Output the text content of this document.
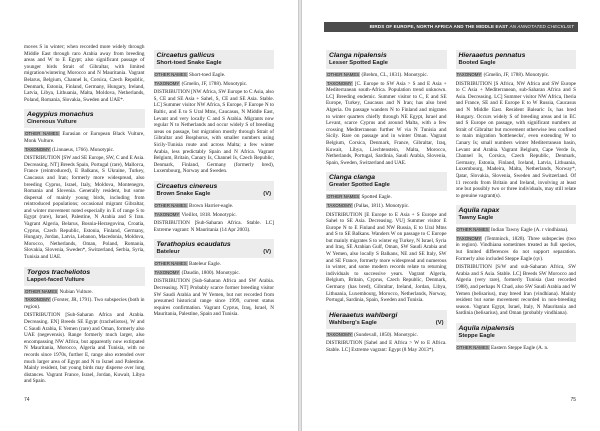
moves S in winter; when recorded more widely through Middle East through raro Arabia away from breeding areas and W to E Egypt; also significant passage of younger birds Strait of Gibraltar, with limited migration/wintering Morocco and N Mauritania. Vagrant Belarus, Belgium, Channel Is, Corsica, Czech Republic, Denmark, Estonia, Finland, Germany, Hungary, Ireland, Latvia, Libya, Lithuania, Malta, Moldova, Netherlands, Poland, Romania, Slovakia, Sweden and UAE*.

Aegypius monachus
Cinereous Vulture

OTHER NAMES Eurasian or European Black Vulture, Monk Vulture.

TAXONOMY (Linnaeus, 1766). Monotypic.

DISTRIBUTION [SW and SE Europe, SW, C and E Asia. Decreasing. NT] Breeds Spain, Portugal (rare), Mallorca, France (reintroduced), E Balkans, S Ukraine, Turkey, Caucasus and Iran; formerly more widespread, also breeding Cyprus, Israel, Italy, Moldova, Montenegro, Romania and Slovenia. Generally resident, but some dispersal of mainly young birds, including from reintroduced populations; occasional migrant Gibraltar, and winter movement noted especially in E of range S to Egypt (rare), Israel, Palestine, N Arabia and S Iran. Vagrant Algeria, Belarus, Bosnia-Herzegovina, Croatia, Cyprus, Czech Republic, Estonia, Finland, Germany, Hungary, Jordan, Latvia, Lebanon, Macedonia, Moldova, Morocco, Netherlands, Oman, Poland, Romania, Slovakia, Slovenia, Sweden*, Switzerland, Serbia, Syria, Tunisia and UAE.

Torgos tracheliotos
Lappet-faced Vulture

OTHER NAMES Nubian Vulture.

TAXONOMY (Forster, JR, 1791). Two subspecies (both in region).

DISTRIBUTION [Sub-Saharan Africa and Arabia. Decreasing. EN] Breeds SE Egypt (tracheliotos), W and C Saudi Arabia, E Yemen (rare) and Oman, formerly also UAE (negevensis). Range formerly much larger, also encompassing NW Africa, but apparently now extirpated N Mauritania, Morocco, Algeria and Tunisia, with no records since 1970s, further E, range also extended over much larger area of Egypt and N to Israel and Palestine. Mainly resident, but young birds may disperse over long distances. Vagrant France, Israel, Jordan, Kuwait, Libya and Spain.

Circaetus gallicus
Short-toed Snake Eagle

OTHER NAMES Short-toed Eagle.

TAXONOMY (Gmelin, JF, 1788). Monotypic.

DISTRIBUTION [NW Africa, SW Europe to C Asia, also S, CE and SE Asia + Sahel, S, CE and SE Asia. Stable. LC] Summer visitor NW Africa, S Europe, F Europe N to Baltic, and E to S Ural Mtns, Caucasus, N Middle East, Levant and very locally C and S Arabia. Migrants now regular N to Netherlands and occur widely S of breeding areas on passage, but migration mostly through Strait of Gibraltar and Bosphorus, with smaller numbers using Sicily-Tunisia route and across Malta; a few winter Arabia, less predictably Spain and N Africa. Vagrant Belgium, Britain, Canary Is, Channel Is, Czech Republic, Denmark, Finland, Germany (formerly bred), Luxembourg, Norway and Sweden.

Circaetus cinereus
Brown Snake Eagle	(V)

OTHER NAMES Brown Harrier-eagle.

TAXONOMY Vieillot, 1818. Monotypic.

DISTRIBUTION [Sub-Saharan Africa. Stable. LC] Extreme vagrant: N Mauritania (14 Apr 2003).

Terathopius ecaudatus
Bateleur	(V)

OTHER NAMES Bateleur Eagle.

TAXONOMY (Daudin, 1800). Monotypic.

DISTRIBUTION [Sub-Saharan Africa and SW Arabia. Decreasing. NT] Probably scarce former breeding visitor SW Saudi Arabia and W Yemen, but not recorded from presumed historical range since 1999, current status requires confirmation. Vagrant Cyprus, Iraq, Israel, N Mauritania, Palestine, Spain and Tunisia.

74
BIRDS OF EUROPE, NORTH AFRICA AND THE MIDDLE EAST AN ANNOTATED CHECKLIST
Clanga nipalensis
Lesser Spotted Eagle

OTHER NAMES (Brehm, CL, 1831). Monotypic.

TAXONOMY [C. Europe to SW Asia > S and E Asia + Mediterranean south-Africa. Population trend unknown. LC] Breeding endemic. Summer visitor to C, E and SE Europe, Turkey, Caucasus and N Iran; has also bred Algeria. On passage wanders N to Finland and migrates to winter quarters chiefly through NE Egypt, Israel and Levant, scarce Cyprus and around Malta, with a few crossing Mediterranean further W via N Tunisia and Sicily. Rare on passage and in winter Oman. Vagrant Belgium, Corsica, Denmark, France, Gibraltar, Iraq, Kuwait, Libya, Liechtenstein, Malta, Morocco, Netherlands, Portugal, Sardinia, Saudi Arabia, Slovenia, Spain, Sweden, Switzerland and UAE.

Clanga clanga
Greater Spotted Eagle

OTHER NAMES Spotted Eagle.

TAXONOMY (Pallas, 1811). Monotypic.

DISTRIBUTION [E Europe to E Asia + S Europe and Sahel to SE Asia. Decreasing. VU] Summer visitor E Europe N to E Finland and NW Russia, E to Ural Mtns and S to SE Balkans. Wanders W on passage to C Europe but mainly migrates S to winter eg Turkey, N Israel, Syria and Iraq, SE Arabian Gulf, Oman, SW Saudi Arabia and W Yemen, also locally S Balkans, NE and SE Italy, SW and SE France, formerly more widespread and numerous in winter, and some modern records relate to returning individuals to successive years. Vagrant Algeria, Belgium, Britain, Cyprus, Czech Republic, Denmark, Germany (has bred), Gibraltar, Ireland, Jordan, Libya, Lithuania, Luxembourg, Morocco, Netherlands, Norway, Portugal, Sardinia, Spain, Sweden and Tunisia.

Hieraaetus wahlbergi
Wahlberg's Eagle	(V)

TAXONOMY (Sundevall, 1850). Monotypic.

DISTRIBUTION [Sahel and E Africa > W to E Africa. Stable. LC] Extreme vagrant: Egypt (8 May 2013*).

Hieraaetus pennatus
Booted Eagle

TAXONOMY (Gmelin, JF, 1788). Monotypic.

DISTRIBUTION [S Africa, NW Africa and SW Europe to C Asia + Mediterranean, sub-Saharan Africa and S Asia. Decreasing. LC] Summer visitor NW Africa, Iberia and France, SE and E Europe E to W Russia, Caucasus and N Middle East. Resident Balearic Is, has bred Hungary. Occurs widely S of breeding areas and in EC and S Europe on passage, with significant numbers at Strait of Gibraltar but movement otherwise less confined to main migration 'bottlenecks', even extending W to Canary Is; small numbers winter Mediterranean basin, Levant and Arabia. Vagrant Belgium, Cape Verde Is, Channel Is, Corsica, Czech Republic, Denmark, Germany, Estonia, Finland, Iceland, Latvia, Lithuania, Luxembourg, Madeira, Malta, Netherlands, Norway*, Qatar, Slovakia, Slovenia, Sweden and Switzerland. Of 11 records from Britain and Ireland, involving at least one but possibly two or three individuals, may still relate to genuine vagrant(s).

Aquila rapax
Tawny Eagle

OTHER NAMES Indian Tawny Eagle (A. r vindhiana).

TAXONOMY (Temminck, 1828). Three subspecies (two in region). Vindhiana sometimes treated as full species, but limited differences do not support separation. Formerly also included Steppe Eagle (qv).

DISTRIBUTION [S/W and sub-Saharan Africa, SW Arabia and S Asia. Stable. LC] Breeds SW Morocco and Algeria (very rare), formerly Tunisia (last recorded 1988), and perhaps N Chad, also SW Saudi Arabia and W Yemen (belisarius), may breed Iran (vindhiana). Mainly resident but some movement recorded in non-breeding season. Vagrant Egypt, Israel, Italy, N Mauritania and Sardinia (belisarius), and Oman (probably vindhiana).

Aquila nipalensis
Steppe Eagle

OTHER NAMES Eastern Steppe Eagle (A. n.

75
